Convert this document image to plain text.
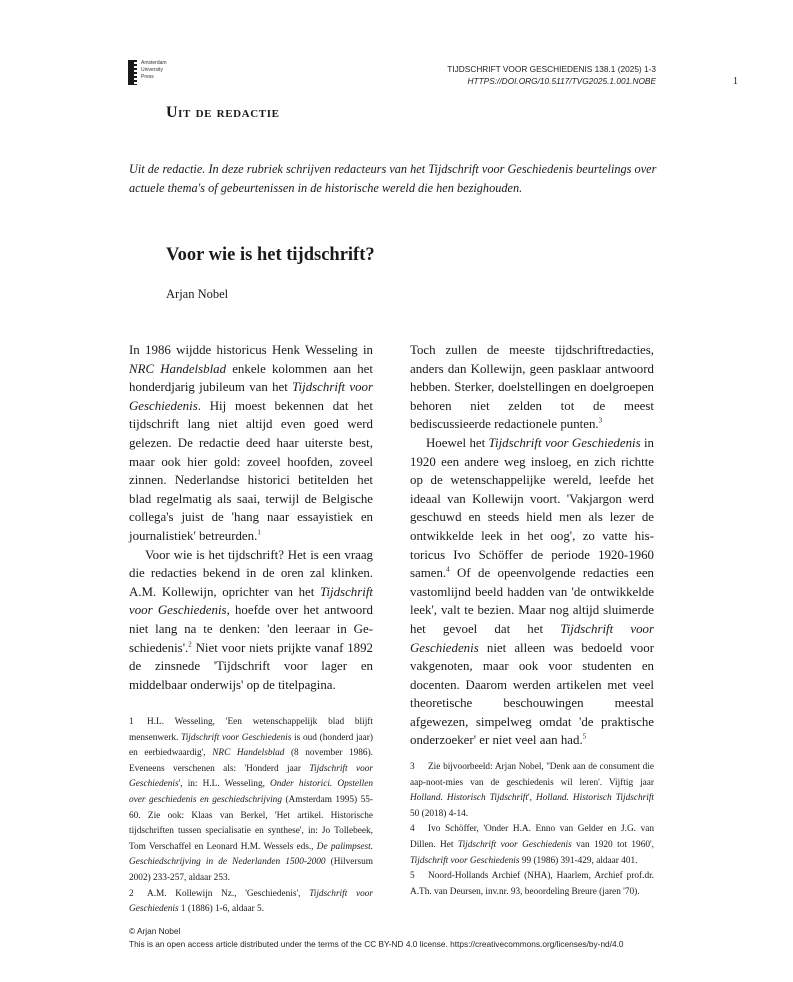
Amsterdam
University
Press
TIJDSCHRIFT VOOR GESCHIEDENIS 138.1 (2025) 1-3
HTTPS://DOI.ORG/10.5117/TVG2025.1.001.NOBE	1
Uit de redactie
Uit de redactie. In deze rubriek schrijven redacteurs van het Tijdschrift voor Geschiedenis beurtelings over actuele thema's of gebeurtenissen in de historische wereld die hen bezighouden.
Voor wie is het tijdschrift?
Arjan Nobel

In 1986 wijdde historicus Henk Wesseling in NRC Handelsblad enkele kolommen aan het honderdjarig jubileum van het Tijdschrift voor Geschiedenis. Hij moest bekennen dat het tijdschrift lang niet altijd even goed werd gelezen. De redactie deed haar uiterste best, maar ook hier gold: zoveel hoofden, zoveel zinnen. Nederlandse historici betitelden het blad regelmatig als saai, terwijl de Belgische collega's juist de 'hang naar essayistiek en journalistiek' betreurden.$^1$

Voor wie is het tijdschrift? Het is een vraag die redacties bekend in de oren zal klinken. A.M. Kollewijn, oprichter van het Tijdschrift voor Geschiedenis, hoefde over het antwoord niet lang na te denken: 'den leeraar in Geschiedenis'.$^2$ Niet voor niets prijkte vanaf 1892 de zinsnede 'Tijdschrift voor lager en middelbaar onderwijs' op de titelpagina.

Toch zullen de meeste tijdschriftredacties, anders dan Kollewijn, geen pasklaar antwoord hebben. Sterker, doelstellingen en doelgroepen behoren niet zelden tot de meest bediscussieerde redactionele punten.$^3$

Hoewel het Tijdschrift voor Geschiedenis in 1920 een andere weg insloeg, en zich richtte op de wetenschappelijke wereld, leefde het ideaal van Kollewijn voort. 'Vakjargon werd geschuwd en steeds hield men als lezer de ontwikkelde leek in het oog', zo vatte historicus Ivo Schöffer de periode 1920-1960 samen.$^4$ Of de opeenvolgende redacties een vastomlijnd beeld hadden van 'de ontwikkelde leek', valt te bezien. Maar nog altijd sluimerde het gevoel dat het Tijdschrift voor Geschiedenis niet alleen was bedoeld voor vakgenoten, maar ook voor studenten en docenten. Daarom werden artikelen met veel theoretische beschouwingen meestal afgewezen, simpelweg omdat 'de praktische onderzoeker' er niet veel aan had.$^5$

1 H.L. Wesseling, 'Een wetenschappelijk blad blijft mensenwerk. Tijdschrift voor Geschiedenis is oud (honderd jaar) en eerbiedwaardig', NRC Handelsblad (8 november 1986). Eveneens verschenen als: 'Honderd jaar Tijdschrift voor Geschiedenis', in: H.L. Wesseling, Onder historici. Opstellen over geschiedenis en geschiedschrijving (Amsterdam 1995) 55-60. Zie ook: Klaas van Berkel, 'Het artikel. Historische tijdschriften tussen specialisatie en synthese', in: Jo Tollebeek, Tom Verschaffel en Leonard H.M. Wessels eds., De palimpsest. Geschiedschrijving in de Nederlanden 1500-2000 (Hilversum 2002) 233-257, aldaar 253.

2 A.M. Kollewijn Nz., 'Geschiedenis', Tijdschrift voor Geschiedenis 1 (1886) 1-6, aldaar 5.

3 Zie bijvoorbeeld: Arjan Nobel, ''Denk aan de consument die aap-noot-mies van de geschiedenis wil leren'. Vijftig jaar Holland. Historisch Tijdschrift', Holland. Historisch Tijdschrift 50 (2018) 4-14.

4 Ivo Schöffer, 'Onder H.A. Enno van Gelder en J.G. van Dillen. Het Tijdschrift voor Geschiedenis van 1920 tot 1960', Tijdschrift voor Geschiedenis 99 (1986) 391-429, aldaar 401.

5 Noord-Hollands Archief (NHA), Haarlem, Archief prof.dr. A.Th. van Deursen, inv.nr. 93, beoordeling Breure (jaren '70).

© Arjan Nobel
This is an open access article distributed under the terms of the CC BY-ND 4.0 license. https://creativecommons.org/licenses/by-nd/4.0
